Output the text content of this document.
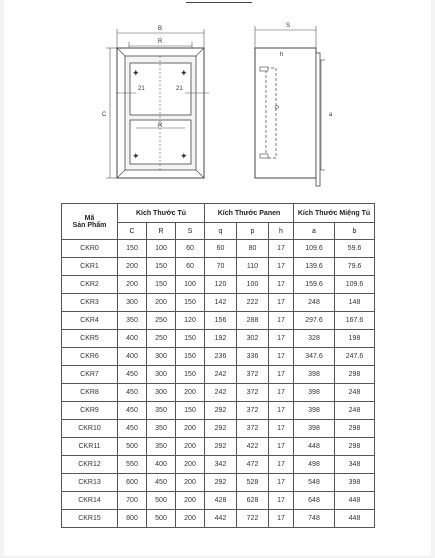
✦	✦
✦	✦
B
R
C
21	21
R
S
h
P
a
Mã
Sản Phẩm	Kích Thước Tủ			Kích Thước Panen			Kích Thước Miệng Tủ	
	C	R	S	q	p	h	a	b
CKR0	150	100	60	60	80	17	109.6	59.6
CKR1	200	150	60	70	110	17	139.6	79.6
CKR2	200	150	100	120	100	17	159.6	109.6
CKR3	300	200	150	142	222	17	248	148
CKR4	350	250	120	156	288	17	297.6	167.6
CKR5	400	250	150	192	302	17	328	198
CKR6	400	300	150	236	336	17	347.6	247.6
CKR7	450	300	150	242	372	17	398	298
CKR8	450	300	200	242	372	17	398	248
CKR9	450	350	150	292	372	17	398	248
CKR10	450	350	200	292	372	17	398	298
CKR11	500	350	200	292	422	17	448	298
CKR12	550	400	200	342	472	17	498	348
CKR13	600	450	200	292	528	17	548	398
CKR14	700	500	200	428	628	17	648	448
CKR15	800	500	200	442	722	17	748	448
